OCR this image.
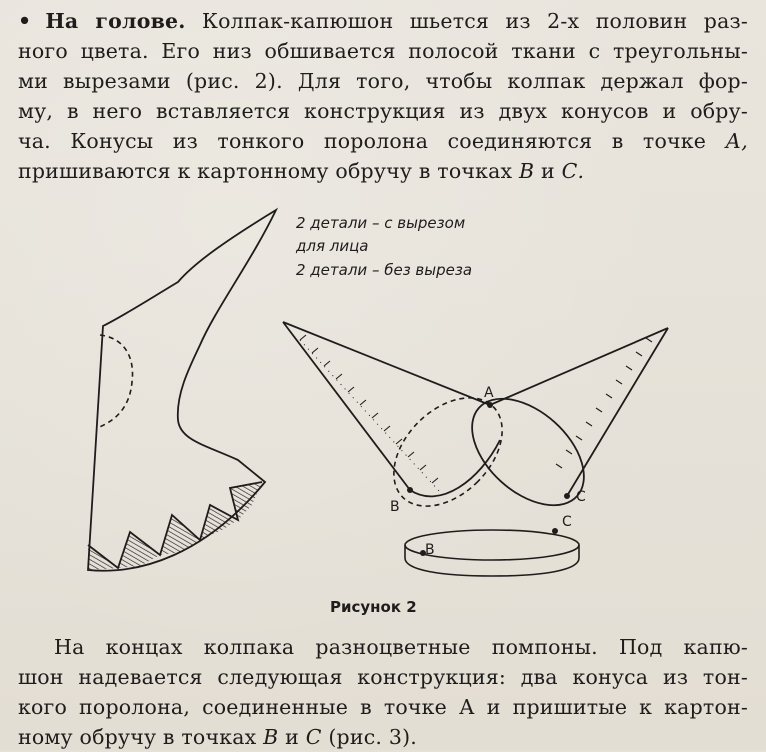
• На голове. Колпак-капюшон шьется из 2-х половин раз-
ного цвета. Его низ обшивается полосой ткани с треугольны-
ми вырезами (рис. 2). Для того, чтобы колпак держал фор-
му, в него вставляется конструкция из двух конусов и обру-
ча. Конусы из тонкого поролона соединяются в точке А,
пришиваются к картонному обручу в точках В и С.
2 детали – с вырезом
для лица
2 детали – без выреза
A
B
C
B
C
Рисунок 2
На концах колпака разноцветные помпоны. Под капю-
шон надевается следующая конструкция: два конуса из тон-
кого поролона, соединенные в точке А и пришитые к картон-
ному обручу в точках В и С (рис. 3).
